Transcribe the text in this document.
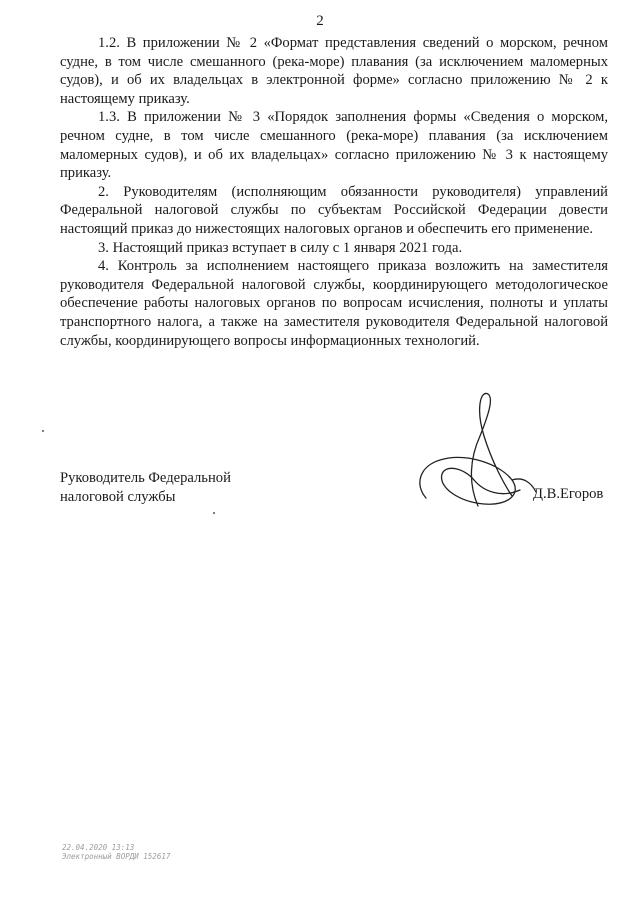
2

1.2. В приложении № 2 «Формат представления сведений о морском, речном судне, в том числе смешанного (река-море) плавания (за исключением маломерных судов), и об их владельцах в электронной форме» согласно приложению № 2 к настоящему приказу.

1.3. В приложении № 3 «Порядок заполнения формы «Сведения о морском, речном судне, в том числе смешанного (река-море) плавания (за исключением маломерных судов), и об их владельцах» согласно приложению № 3 к настоящему приказу.

2. Руководителям (исполняющим обязанности руководителя) управлений Федеральной налоговой службы по субъектам Российской Федерации довести настоящий приказ до нижестоящих налоговых органов и обеспечить его применение.

3. Настоящий приказ вступает в силу с 1 января 2021 года.

4. Контроль за исполнением настоящего приказа возложить на заместителя руководителя Федеральной налоговой службы, координирующего методологическое обеспечение работы налоговых органов по вопросам исчисления, полноты и уплаты транспортного налога, а также на заместителя руководителя Федеральной налоговой службы, координирующего вопросы информационных технологий.

Руководитель Федеральной
налоговой службы	Д.В.Егоров
22.04.2020 13:13
Электронный ВОРДИ 152617
